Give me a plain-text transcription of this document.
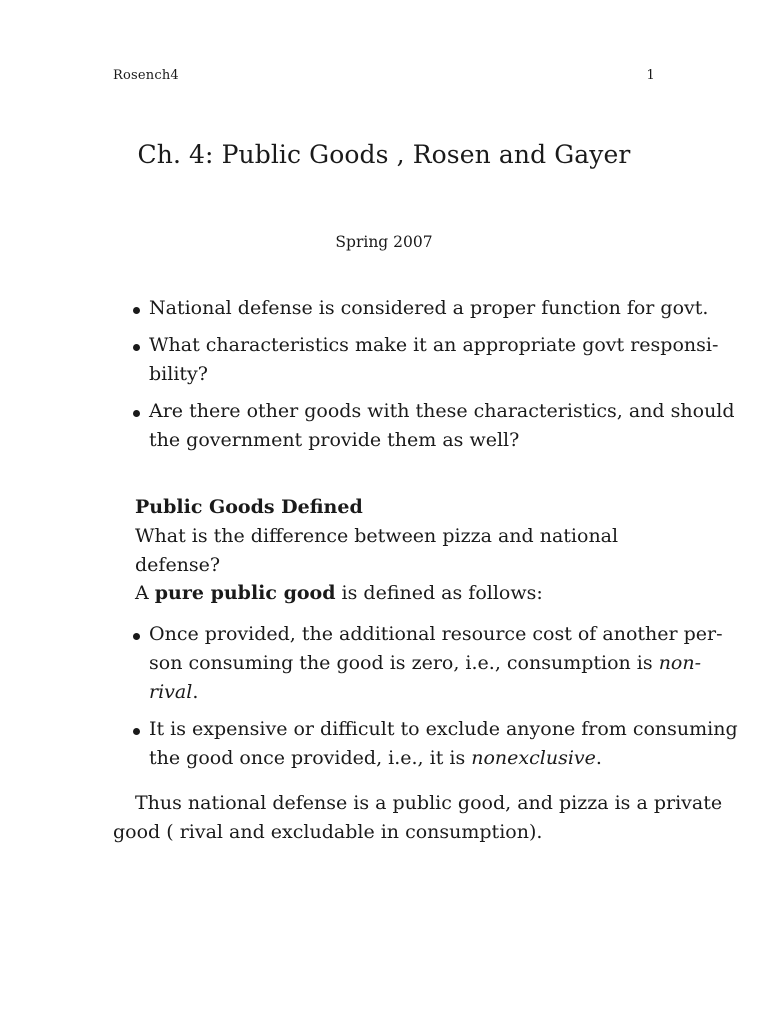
Rosench4	1
Ch. 4: Public Goods , Rosen and Gayer
Spring 2007
National defense is considered a proper function for govt.
What characteristics make it an appropriate govt responsi-
bility?
Are there other goods with these characteristics, and should
the government provide them as well?
Public Goods Defined
What is the difference between pizza and national defense?
A pure public good is defined as follows:
Once provided, the additional resource cost of another per-
son consuming the good is zero, i.e., consumption is non-
rival.
It is expensive or difficult to exclude anyone from consuming
the good once provided, i.e., it is nonexclusive.
Thus national defense is a public good, and pizza is a private
good ( rival and excludable in consumption).
